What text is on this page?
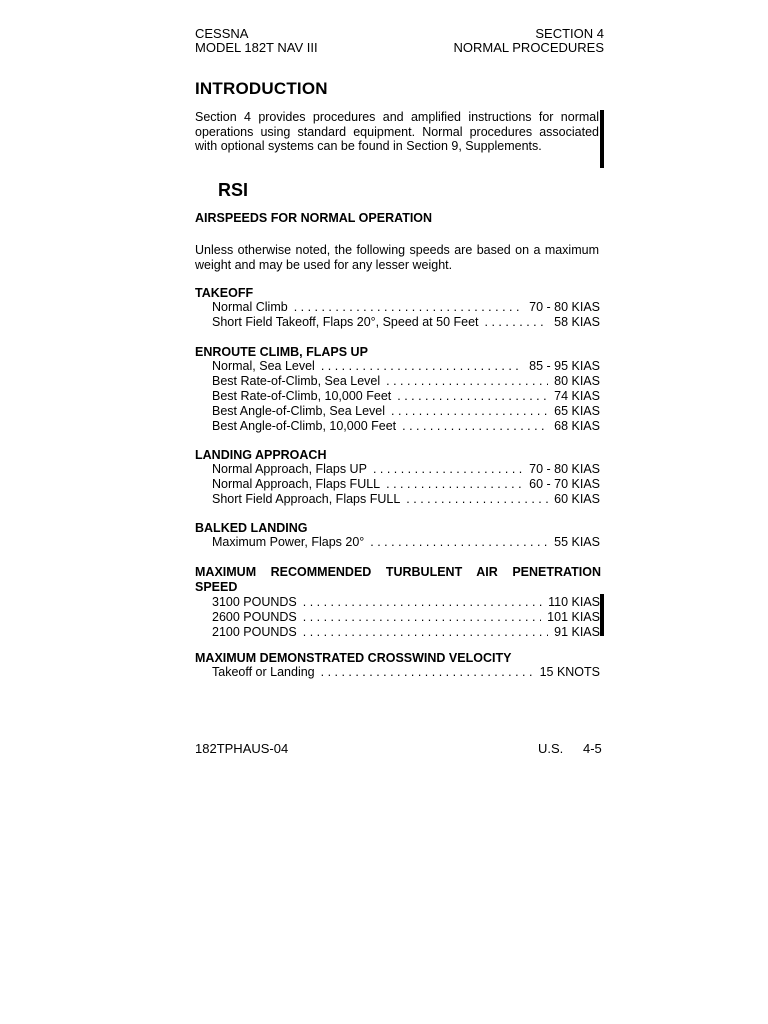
CESSNA
MODEL 182T NAV III
SECTION 4
NORMAL PROCEDURES
INTRODUCTION
Section 4 provides procedures and amplified instructions for normal operations using standard equipment. Normal procedures associated with optional systems can be found in Section 9, Supplements.
RSI
AIRSPEEDS FOR NORMAL OPERATION
Unless otherwise noted, the following speeds are based on a maximum weight and may be used for any lesser weight.
TAKEOFF
Normal Climb . . .	70 - 80 KIAS
Short Field Takeoff, Flaps 20°, Speed at 50 Feet . . .	58 KIAS
ENROUTE CLIMB, FLAPS UP
Normal, Sea Level . . .	85 - 95 KIAS
Best Rate-of-Climb, Sea Level . . .	80 KIAS
Best Rate-of-Climb, 10,000 Feet . . .	74 KIAS
Best Angle-of-Climb, Sea Level . . .	65 KIAS
Best Angle-of-Climb, 10,000 Feet . . .	68 KIAS
LANDING APPROACH
Normal Approach, Flaps UP . . .	70 - 80 KIAS
Normal Approach, Flaps FULL . . .	60 - 70 KIAS
Short Field Approach, Flaps FULL . . .	60 KIAS
BALKED LANDING
Maximum Power, Flaps 20° . . .	55 KIAS
MAXIMUM RECOMMENDED TURBULENT AIR PENETRATION SPEED
3100 POUNDS . . .	110 KIAS
2600 POUNDS . . .	101 KIAS
2100 POUNDS . . .	91 KIAS
MAXIMUM DEMONSTRATED CROSSWIND VELOCITY
Takeoff or Landing . . .	15 KNOTS
182TPHAUS-04	U.S. 4-5
